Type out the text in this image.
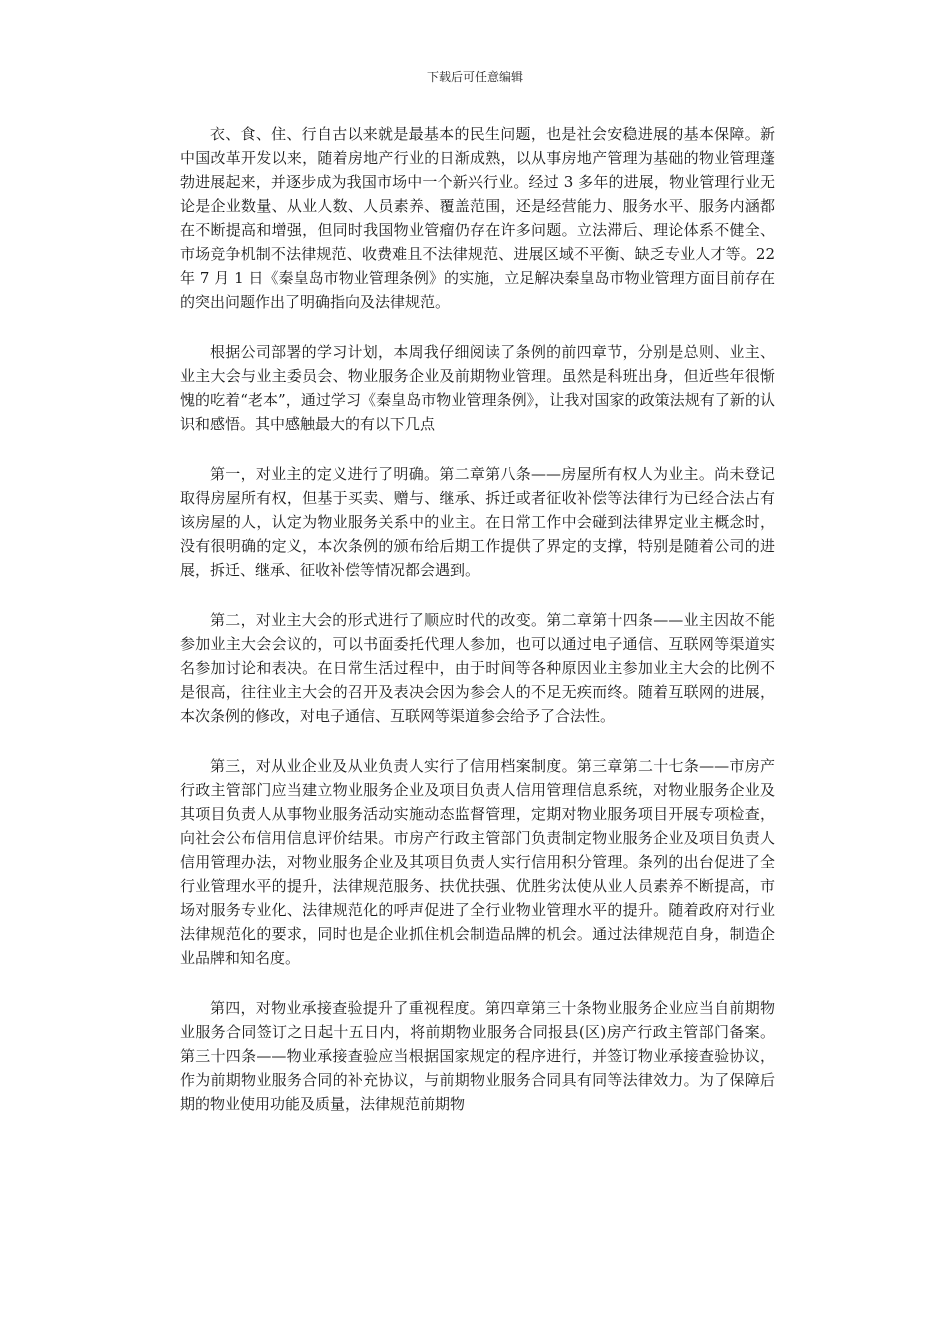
下载后可任意编辑

衣、食、住、行自古以来就是最基本的民生问题，也是社会安稳进展的基本保障。新中国改革开发以来，随着房地产行业的日渐成熟，以从事房地产管理为基础的物业管理蓬勃进展起来，并逐步成为我国市场中一个新兴行业。经过 3 多年的进展，物业管理行业无论是企业数量、从业人数、人员素养、覆盖范围，还是经营能力、服务水平、服务内涵都在不断提高和增强，但同时我国物业管瘤仍存在许多问题。立法滞后、理论体系不健全、市场竞争机制不法律规范、收费难且不法律规范、进展区域不平衡、缺乏专业人才等。22 年 7 月 1 日《秦皇岛市物业管理条例》的实施，立足解决秦皇岛市物业管理方面目前存在的突出问题作出了明确指向及法律规范。

根据公司部署的学习计划，本周我仔细阅读了条例的前四章节，分别是总则、业主、业主大会与业主委员会、物业服务企业及前期物业管理。虽然是科班出身，但近些年很惭愧的吃着“老本”，通过学习《秦皇岛市物业管理条例》，让我对国家的政策法规有了新的认识和感悟。其中感触最大的有以下几点

第一，对业主的定义进行了明确。第二章第八条——房屋所有权人为业主。尚未登记取得房屋所有权，但基于买卖、赠与、继承、拆迁或者征收补偿等法律行为已经合法占有该房屋的人，认定为物业服务关系中的业主。在日常工作中会碰到法律界定业主概念时，没有很明确的定义，本次条例的颁布给后期工作提供了界定的支撑，特别是随着公司的进展，拆迁、继承、征收补偿等情况都会遇到。

第二，对业主大会的形式进行了顺应时代的改变。第二章第十四条——业主因故不能参加业主大会会议的，可以书面委托代理人参加，也可以通过电子通信、互联网等渠道实名参加讨论和表决。在日常生活过程中，由于时间等各种原因业主参加业主大会的比例不是很高，往往业主大会的召开及表决会因为参会人的不足无疾而终。随着互联网的进展，本次条例的修改，对电子通信、互联网等渠道参会给予了合法性。

第三，对从业企业及从业负责人实行了信用档案制度。第三章第二十七条——市房产行政主管部门应当建立物业服务企业及项目负责人信用管理信息系统，对物业服务企业及其项目负责人从事物业服务活动实施动态监督管理，定期对物业服务项目开展专项检查，向社会公布信用信息评价结果。市房产行政主管部门负责制定物业服务企业及项目负责人信用管理办法，对物业服务企业及其项目负责人实行信用积分管理。条列的出台促进了全行业管理水平的提升，法律规范服务、扶优扶强、优胜劣汰使从业人员素养不断提高，市场对服务专业化、法律规范化的呼声促进了全行业物业管理水平的提升。随着政府对行业法律规范化的要求，同时也是企业抓住机会制造品牌的机会。通过法律规范自身，制造企业品牌和知名度。

第四，对物业承接查验提升了重视程度。第四章第三十条物业服务企业应当自前期物业服务合同签订之日起十五日内，将前期物业服务合同报县(区)房产行政主管部门备案。第三十四条——物业承接查验应当根据国家规定的程序进行，并签订物业承接查验协议，作为前期物业服务合同的补充协议，与前期物业服务合同具有同等法律效力。为了保障后期的物业使用功能及质量，法律规范前期物
